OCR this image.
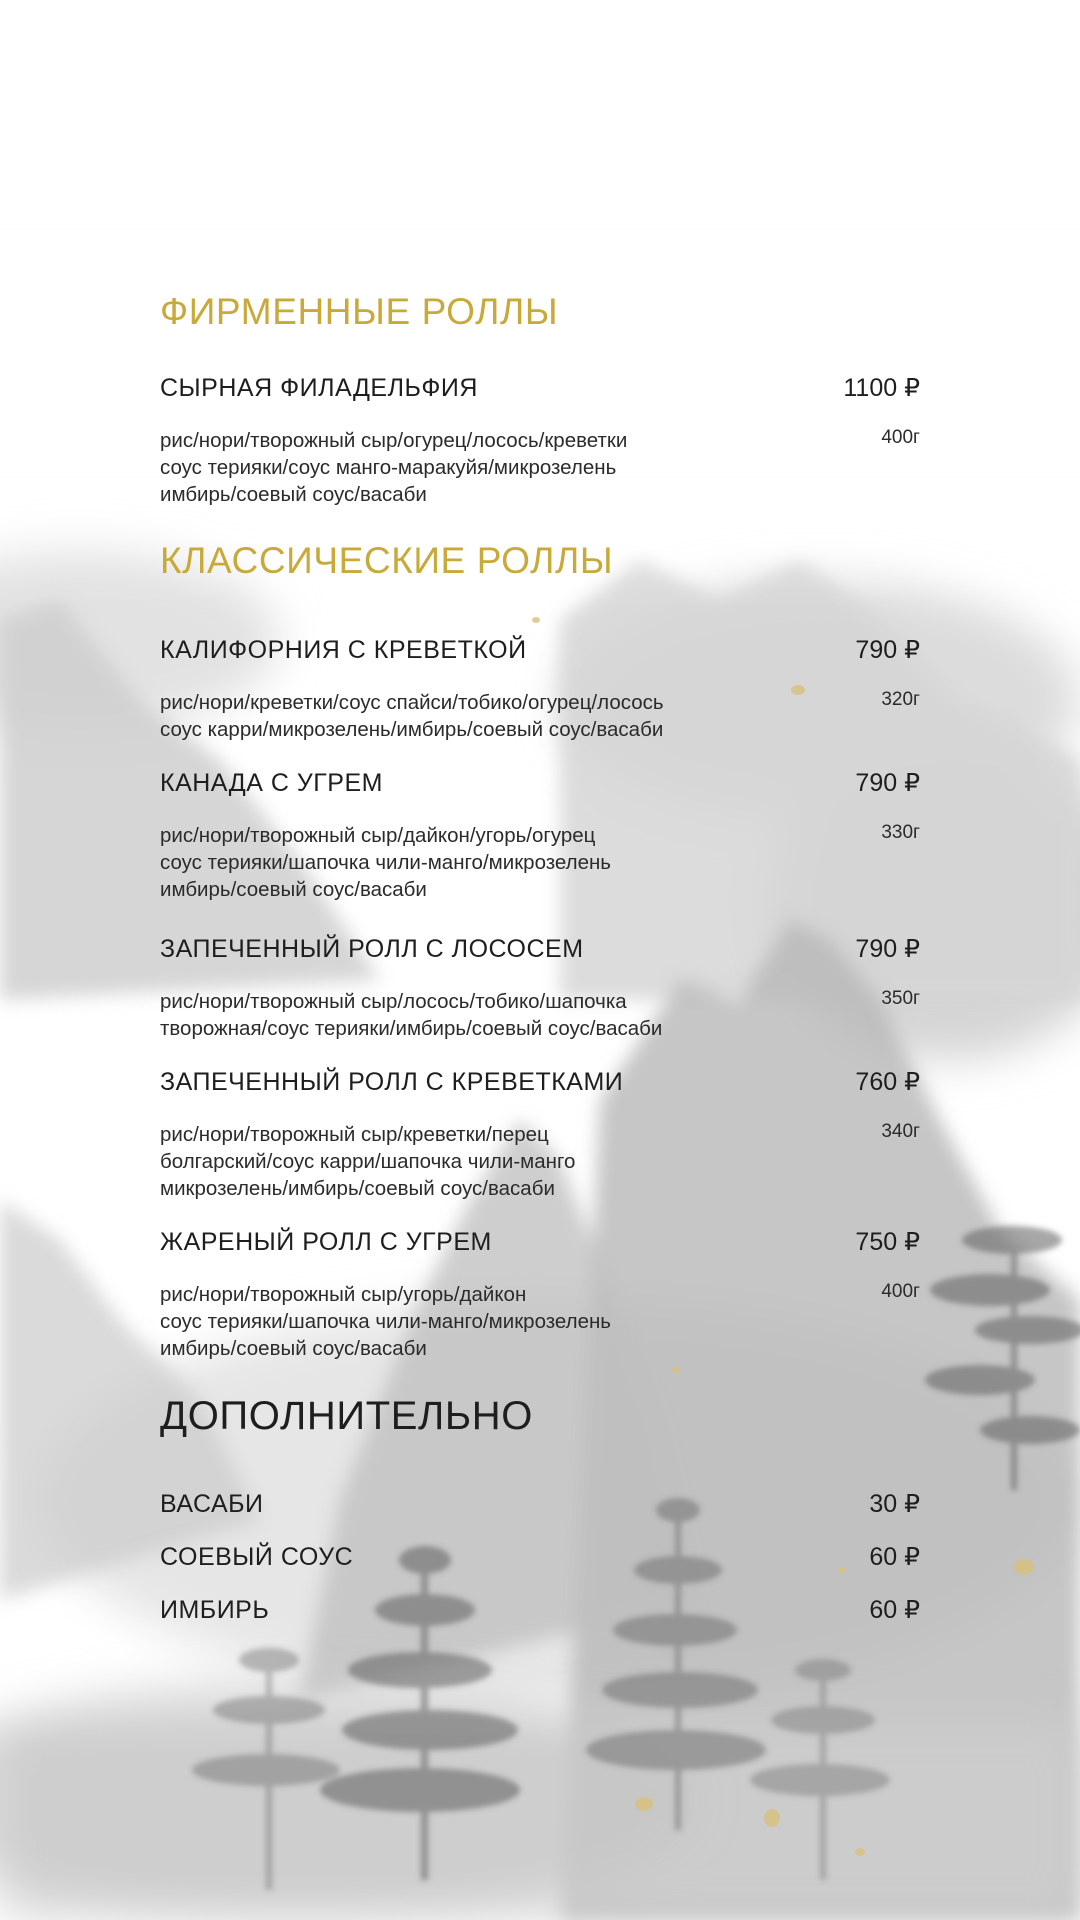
ФИРМЕННЫЕ РОЛЛЫ
СЫРНАЯ ФИЛАДЕЛЬФИЯ	1100 ₽
рис/нори/творожный сыр/огурец/лосось/креветки
соус терияки/соус манго-маракуйя/микрозелень
имбирь/соевый соус/васаби
400г
КЛАССИЧЕСКИЕ РОЛЛЫ
КАЛИФОРНИЯ С КРЕВЕТКОЙ	790 ₽
рис/нори/креветки/соус спайси/тобико/огурец/лосось
соус карри/микрозелень/имбирь/соевый соус/васаби
320г
КАНАДА С УГРЕМ	790 ₽
рис/нори/творожный сыр/дайкон/угорь/огурец
соус терияки/шапочка чили-манго/микрозелень
имбирь/соевый соус/васаби
330г
ЗАПЕЧЕННЫЙ РОЛЛ С ЛОСОСЕМ	790 ₽
рис/нори/творожный сыр/лосось/тобико/шапочка
творожная/соус терияки/имбирь/соевый соус/васаби
350г
ЗАПЕЧЕННЫЙ РОЛЛ С КРЕВЕТКАМИ	760 ₽
рис/нори/творожный сыр/креветки/перец
болгарский/соус карри/шапочка чили-манго
микрозелень/имбирь/соевый соус/васаби
340г
ЖАРЕНЫЙ РОЛЛ С УГРЕМ	750 ₽
рис/нори/творожный сыр/угорь/дайкон
соус терияки/шапочка чили-манго/микрозелень
имбирь/соевый соус/васаби
400г
ДОПОЛНИТЕЛЬНО
ВАСАБИ	30 ₽
СОЕВЫЙ СОУС	60 ₽
ИМБИРЬ	60 ₽
